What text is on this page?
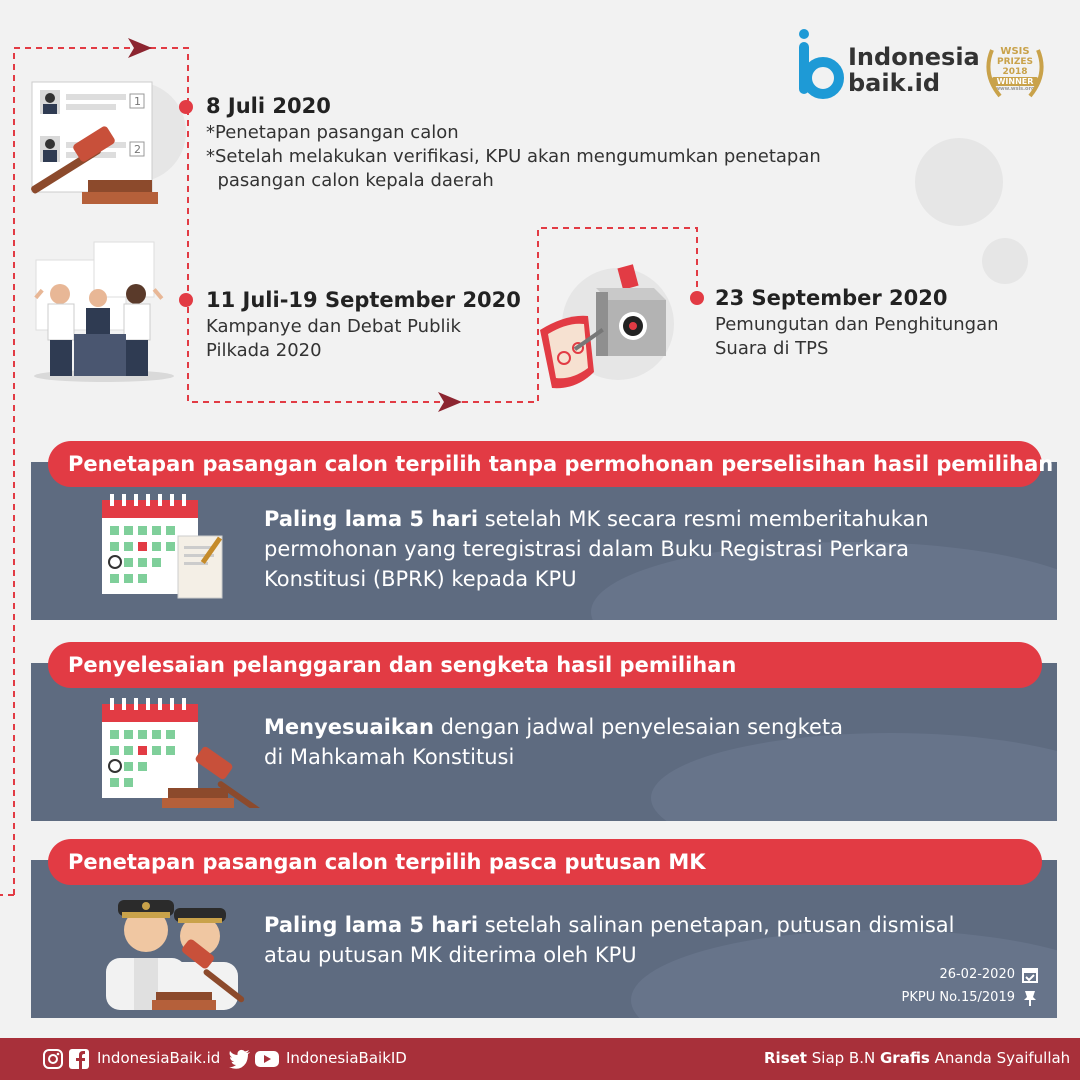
Indonesia
baik.id
WSIS
PRIZES
2018
WINNER
www.wsis.org
1
2
8 Juli 2020
*Penetapan pasangan calon
*Setelah melakukan verifikasi, KPU akan mengumumkan penetapan
pasangan calon kepala daerah
11 Juli-19 September 2020
Kampanye dan Debat Publik
Pilkada 2020
23 September 2020
Pemungutan dan Penghitungan
Suara di TPS
Penetapan pasangan calon terpilih tanpa permohonan perselisihan hasil pemilihan
Paling lama 5 hari setelah MK secara resmi memberitahukan
permohonan yang teregistrasi dalam Buku Registrasi Perkara
Konstitusi (BPRK) kepada KPU
Penyelesaian pelanggaran dan sengketa hasil pemilihan
Menyesuaikan dengan jadwal penyelesaian sengketa
di Mahkamah Konstitusi
Penetapan pasangan calon terpilih pasca putusan MK
Paling lama 5 hari setelah salinan penetapan, putusan dismisal
atau putusan MK diterima oleh KPU
26-02-2020
PKPU No.15/2019
IndonesiaBaik.id	IndonesiaBaikID	Riset Siap B.N Grafis Ananda Syaifullah
